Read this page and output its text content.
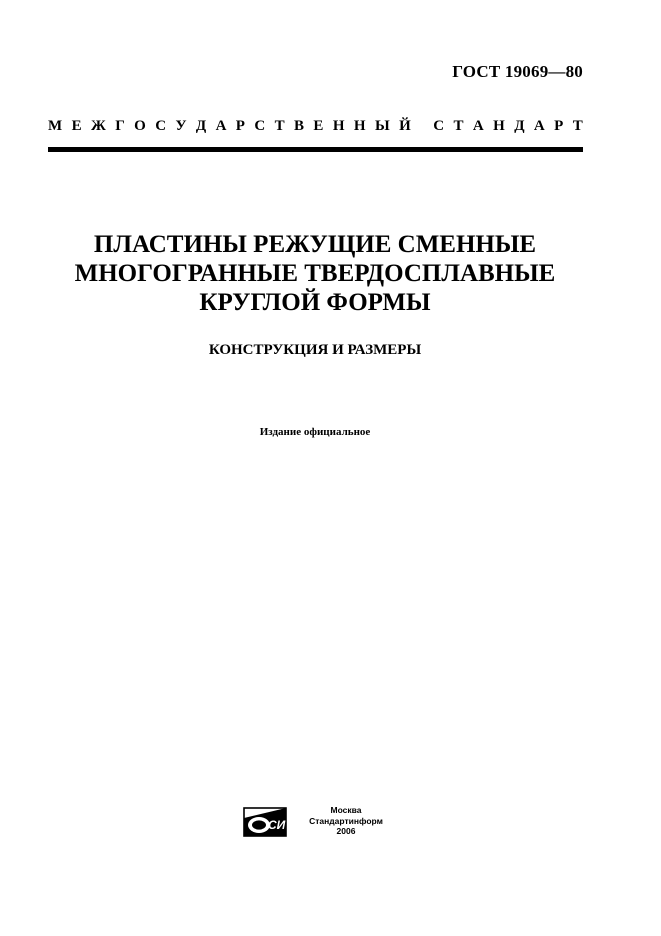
ГОСТ 19069—80
М Е Ж Г О С У Д А Р С Т В Е Н Н Ы Й
С Т А Н Д А Р Т
ПЛАСТИНЫ РЕЖУЩИЕ СМЕННЫЕ
МНОГОГРАННЫЕ ТВЕРДОСПЛАВНЫЕ
КРУГЛОЙ ФОРМЫ
КОНСТРУКЦИЯ И РАЗМЕРЫ
Издание официальное
СИ
Москва
Стандартинформ
2006
